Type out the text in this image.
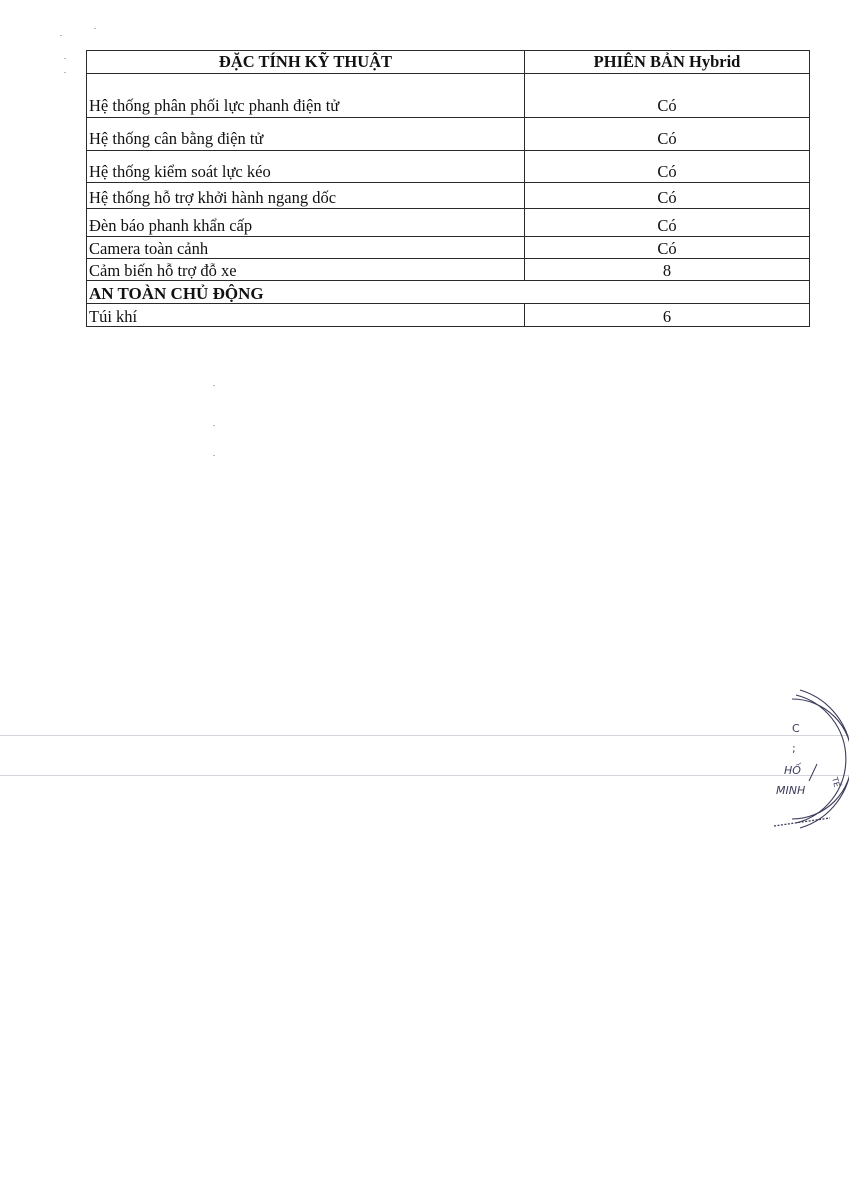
ĐẶC TÍNH KỸ THUẬT	PHIÊN BẢN Hybrid
Hệ thống phân phối lực phanh điện tử	Có
Hệ thống cân bằng điện tử	Có
Hệ thống kiểm soát lực kéo	Có
Hệ thống hỗ trợ khởi hành ngang dốc	Có
Đèn báo phanh khẩn cấp	Có
Camera toàn cảnh	Có
Cảm biến hỗ trợ đỗ xe	8
AN TOÀN CHỦ ĐỘNG	
Túi khí	6
C
;
HỐ
MINH
TẾ
